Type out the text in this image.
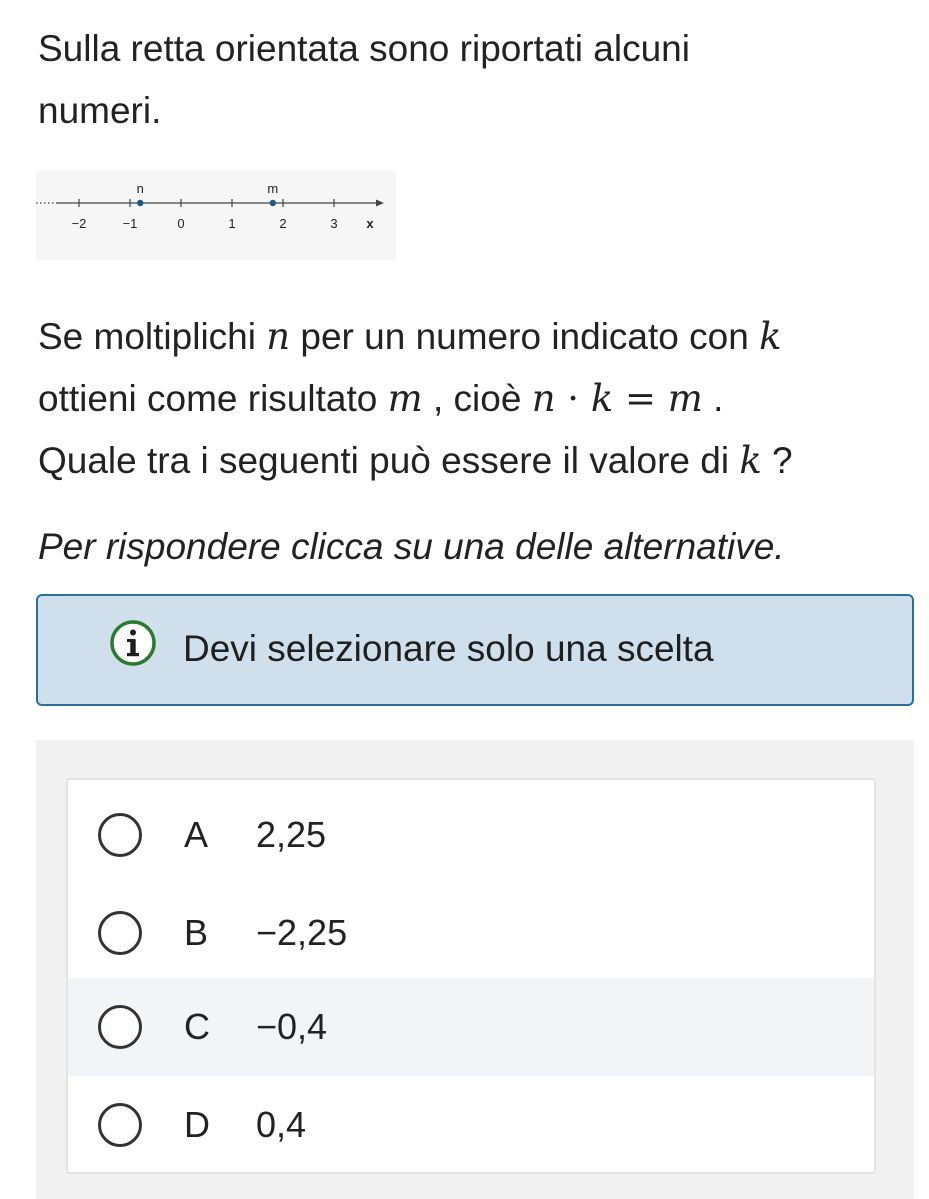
Sulla retta orientata sono riportati alcuni
numeri.
−2	−1	0	1	2	3 x
n	m
Se moltiplichi n per un numero indicato con k
ottieni come risultato m , cioè n · k = m .
Quale tra i seguenti può essere il valore di k ?
Per rispondere clicca su una delle alternative.
Devi selezionare solo una scelta
A 2,25
B −2,25
C −0,4
D 0,4
